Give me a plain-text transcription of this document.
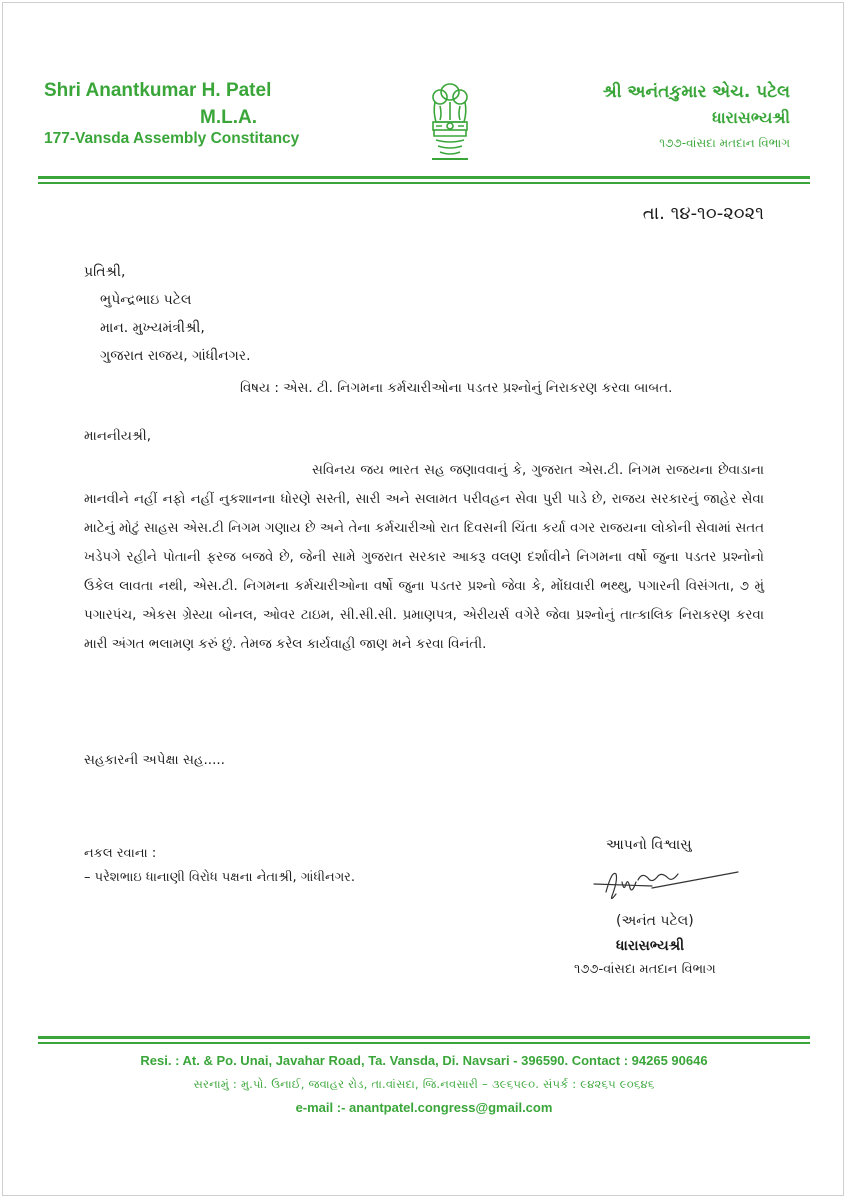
Shri Anantkumar H. Patel
M.L.A.
177-Vansda Assembly Constitancy
શ્રી અનંતકુમાર એચ. પટેલ
ધારાસભ્યશ્રી
૧૭૭-વાંસદા મતદાન વિભાગ
તા. ૧૪-૧૦-૨૦૨૧
પ્રતિશ્રી,
ભુપેન્દ્રભાઇ પટેલ
માન. મુખ્યમંત્રીશ્રી,
ગુજરાત રાજય, ગાંધીનગર.
વિષય : એસ. ટી. નિગમના કર્મચારીઓના પડતર પ્રશ્નોનું નિરાકરણ કરવા બાબત.
માનનીયશ્રી,
સવિનય જય ભારત સહ જણાવવાનું કે, ગુજરાત એસ.ટી. નિગમ રાજયના છેવાડાના માનવીને નહીં નફો નહીં નુકશાનના ધોરણે સસ્તી, સારી અને સલામત પરીવહન સેવા પુરી પાડે છે, રાજય સરકારનું જાહેર સેવા માટેનું મોટું સાહસ એસ.ટી નિગમ ગણાય છે અને તેના કર્મચારીઓ રાત દિવસની ચિંતા કર્યા વગર રાજયના લોકોની સેવામાં સતત ખડેપગે રહીને પોતાની ફરજ બજવે છે, જેની સામે ગુજરાત સરકાર આકરૂ વલણ દર્શાવીને નિગમના વર્ષો જુના પડતર પ્રશ્નોનો ઉકેલ લાવતા નથી, એસ.ટી. નિગમના કર્મચારીઓના વર્ષો જુના પડતર પ્રશ્નો જેવા કે, મોંઘવારી ભથ્થુ, પગારની વિસંગતા, ૭ મું પગારપંચ, એકસ ગ્રેસ્યા બોનલ, ઓવર ટાઇમ, સી.સી.સી. પ્રમાણપત્ર, એરીયર્સ વગેરે જેવા પ્રશ્નોનું તાત્કાલિક નિરાકરણ કરવા મારી અંગત ભલામણ કરું છું. તેમજ કરેલ કાર્યવાહી જાણ મને કરવા વિનંતી.
સહકારની અપેક્ષા સહ.....
નકલ રવાના :
– પરેશભાઇ ધાનાણી વિરોધ પક્ષના નેતાશ્રી, ગાંધીનગર.
આપનો વિશ્વાસુ
(અનંત પટેલ)
ધારાસભ્યશ્રી
૧૭૭-વાંસદા મતદાન વિભાગ
Resi. : At. & Po. Unai, Javahar Road, Ta. Vansda, Di. Navsari - 396590. Contact : 94265 90646
સરનામું : મુ.પો. ઉનાઈ, જવાહર રોડ, તા.વાંસદા, જિ.નવસારી – ૩૯૬૫૯૦. સંપર્ક : ૯૪૨૬૫ ૯૦૬૪૬
e-mail :- anantpatel.congress@gmail.com
